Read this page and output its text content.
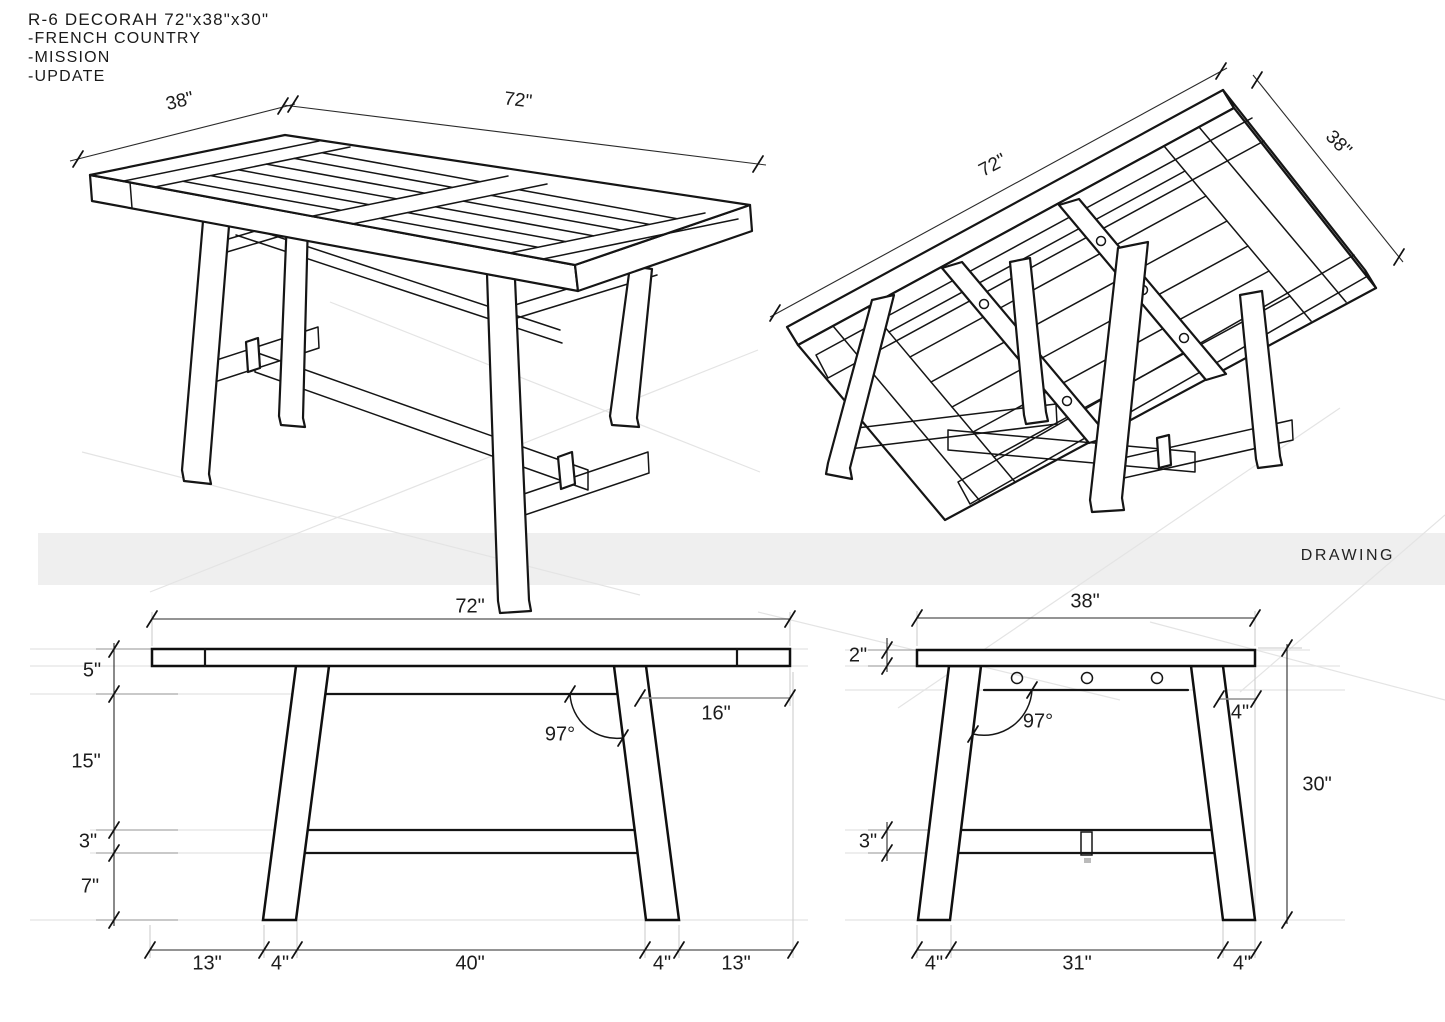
R-6 DECORAH 72"x38"x30"
-FRENCH COUNTRY
-MISSION
-UPDATE
DRAWING
38"	72"
72"
38"
72"
5"
15"
3"
7"
16"
97°
13" 4"	40"	4"	13"
38"
2"
3"
97°	4"
30"
4"	31"	4"
